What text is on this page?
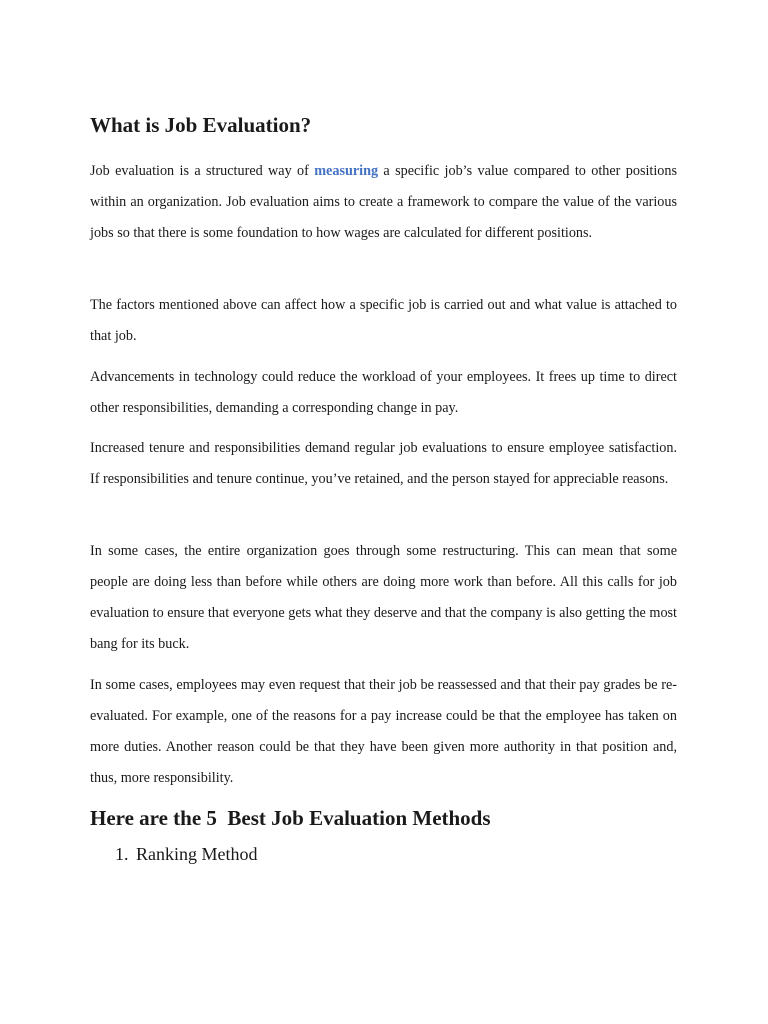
What is Job Evaluation?

Job evaluation is a structured way of measuring a specific job’s value compared to other positions within an organization. Job evaluation aims to create a framework to compare the value of the various jobs so that there is some foundation to how wages are calculated for different positions.

The factors mentioned above can affect how a specific job is carried out and what value is attached to that job.

Advancements in technology could reduce the workload of your employees. It frees up time to direct other responsibilities, demanding a corresponding change in pay.

Increased tenure and responsibilities demand regular job evaluations to ensure employee satisfaction. If responsibilities and tenure continue, you’ve retained, and the person stayed for appreciable reasons.

In some cases, the entire organization goes through some restructuring. This can mean that some people are doing less than before while others are doing more work than before. All this calls for job evaluation to ensure that everyone gets what they deserve and that the company is also getting the most bang for its buck.

In some cases, employees may even request that their job be reassessed and that their pay grades be re-evaluated. For example, one of the reasons for a pay increase could be that the employee has taken on more duties. Another reason could be that they have been given more authority in that position and, thus, more responsibility.

Here are the 5  Best Job Evaluation Methods
1. Ranking Method
